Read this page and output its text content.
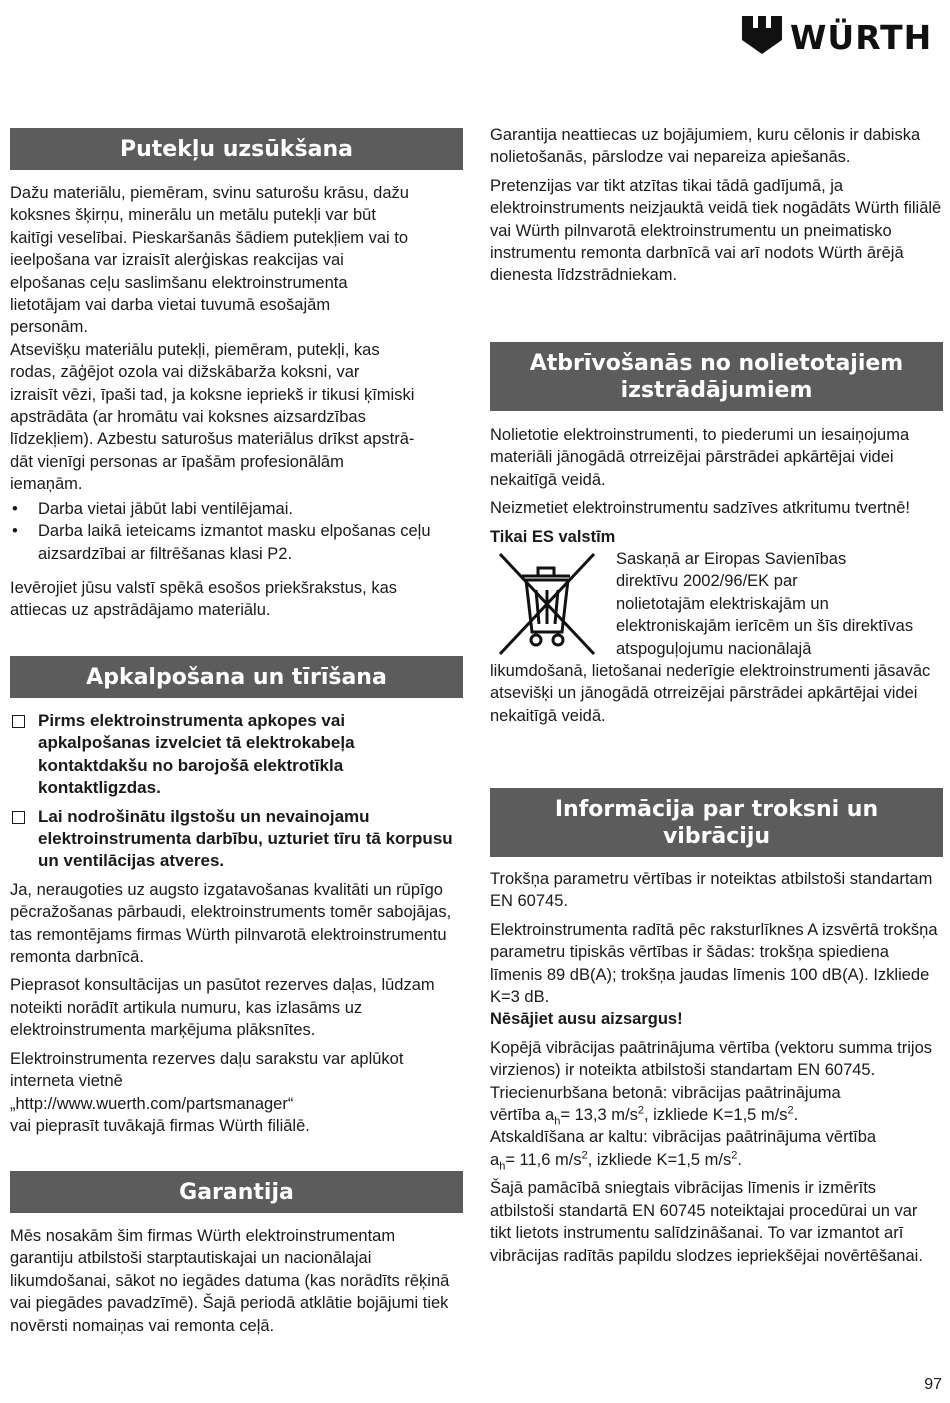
WÜRTH
Putekļu uzsūkšana

Dažu materiālu, piemēram, svinu saturošu krāsu, dažu

koksnes šķirņu, minerālu un metālu putekļi var būt

kaitīgi veselībai. Pieskaršanās šādiem putekļiem vai to

ieelpošana var izraisīt alerģiskas reakcijas vai

elpošanas ceļu saslimšanu elektroinstrumenta

lietotājam vai darba vietai tuvumā esošajām

personām.

Atsevišķu materiālu putekļi, piemēram, putekļi, kas

rodas, zāģējot ozola vai dižskābarža koksni, var

izraisīt vēzi, īpaši tad, ja koksne iepriekš ir tikusi ķīmiski

apstrādāta (ar hromātu vai koksnes aizsardzības

līdzekļiem). Azbestu saturošus materiālus drīkst apstrā-

dāt vienīgi personas ar īpašām profesionālām

iemaņām.

• Darba vietai jābūt labi ventilējamai.
• Darba laikā ieteicams izmantot masku elpošanas ceļu aizsardzībai ar filtrēšanas klasi P2.

Ievērojiet jūsu valstī spēkā esošos priekšrakstus, kas

attiecas uz apstrādājamo materiālu.

Apkalpošana un tīrīšana
Pirms elektroinstrumenta apkopes vai apkalpošanas izvelciet tā elektrokabeļa kontaktdakšu no barojošā elektrotīkla kontaktligzdas.
Lai nodrošinātu ilgstošu un nevainojamu elektroinstrumenta darbību, uzturiet tīru tā korpusu un ventilācijas atveres.

Ja, neraugoties uz augsto izgatavošanas kvalitāti un rūpīgo pēcražošanas pārbaudi, elektroinstruments tomēr sabojājas, tas remontējams firmas Würth pilnvarotā elektroinstrumentu remonta darbnīcā.

Pieprasot konsultācijas un pasūtot rezerves daļas, lūdzam noteikti norādīt artikula numuru, kas izlasāms uz elektroinstrumenta marķējuma plāksnītes.

Elektroinstrumenta rezerves daļu sarakstu var aplūkot

interneta vietnē

„http://www.wuerth.com/partsmanager“

vai pieprasīt tuvākajā firmas Würth filiālē.

Garantija

Mēs nosakām šim firmas Würth elektroinstrumentam garantiju atbilstoši starptautiskajai un nacionālajai likumdošanai, sākot no iegādes datuma (kas norādīts rēķinā vai piegādes pavadzīmē). Šajā periodā atklātie bojājumi tiek novērsti nomaiņas vai remonta ceļā.

Garantija neattiecas uz bojājumiem, kuru cēlonis ir dabiska nolietošanās, pārslodze vai nepareiza apiešanās.

Pretenzijas var tikt atzītas tikai tādā gadījumā, ja elektroinstruments neizjauktā veidā tiek nogādāts Würth filiālē vai Würth pilnvarotā elektroinstrumentu un pneimatisko instrumentu remonta darbnīcā vai arī nodots Würth ārējā dienesta līdzstrādniekam.

Atbrīvošanās no nolietotajiem izstrādājumiem

Nolietotie elektroinstrumenti, to piederumi un iesaiņojuma materiāli jānogādā otrreizējai pārstrādei apkārtējai videi nekaitīgā veidā.

Neizmetiet elektroinstrumentu sadzīves atkritumu tvertnē!

Tikai ES valstīm

Saskaņā ar Eiropas Savienības

direktīvu 2002/96/EK par

nolietotajām elektriskajām un

elektroniskajām ierīcēm un šīs direktīvas

atspoguļojumu nacionālajā

likumdošanā, lietošanai nederīgie elektroinstrumenti jāsavāc atsevišķi un jānogādā otrreizējai pārstrādei apkārtējai videi nekaitīgā veidā.

Informācija par troksni un vibrāciju

Trokšņa parametru vērtības ir noteiktas atbilstoši standartam EN 60745.

Elektroinstrumenta radītā pēc raksturlīknes A izsvērtā trokšņa parametru tipiskās vērtības ir šādas: trokšņa spiediena līmenis 89 dB(A); trokšņa jaudas līmenis 100 dB(A). Izkliede K=3 dB.

Nēsājiet ausu aizsargus!

Kopējā vibrācijas paātrinājuma vērtība (vektoru summa trijos virzienos) ir noteikta atbilstoši standartam EN 60745.

Triecienurbšana betonā: vibrācijas paātrinājuma

vērtība $a_h= 13,3$ $m/s^2$, izkliede K=1,5 $m/s^2$.

Atskaldīšana ar kaltu: vibrācijas paātrinājuma vērtība

$a_h= 11,6$ $m/s^2$, izkliede K=1,5 $m/s^2$.

Šajā pamācībā sniegtais vibrācijas līmenis ir izmērīts atbilstoši standartā EN 60745 noteiktajai procedūrai un var tikt lietots instrumentu salīdzināšanai. To var izmantot arī vibrācijas radītās papildu slodzes iepriekšējai novērtēšanai.

97
